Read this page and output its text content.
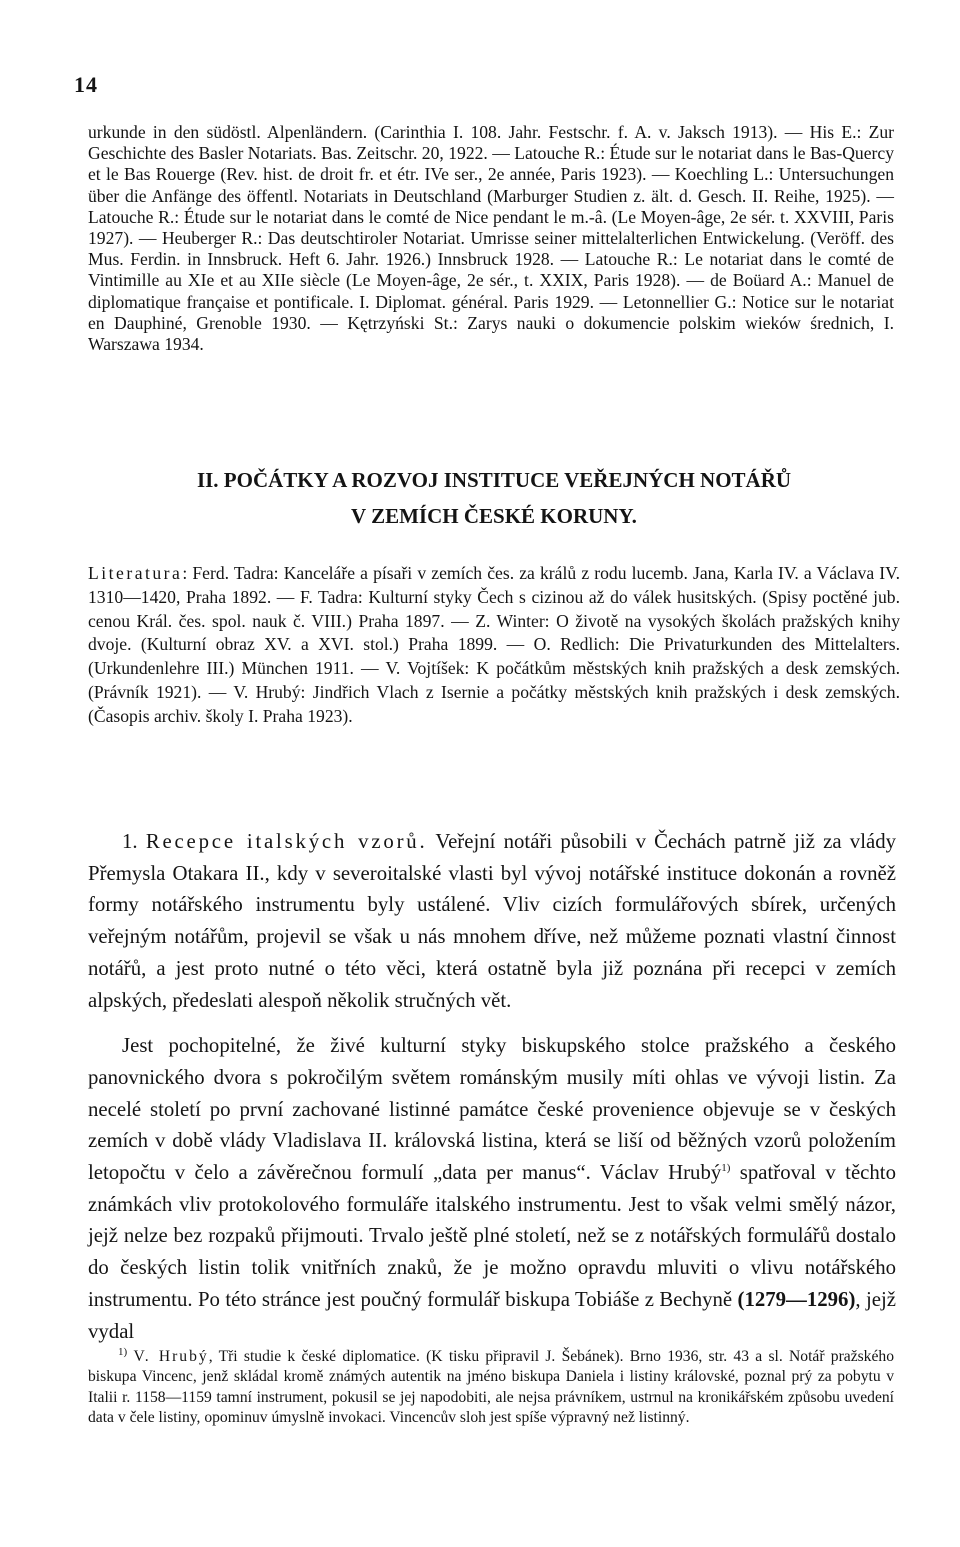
14
urkunde in den südöstl. Alpenländern. (Carinthia I. 108. Jahr. Festschr. f. A. v. Jaksch 1913). — His E.: Zur Geschichte des Basler Notariats. Bas. Zeitschr. 20, 1922. — Latouche R.: Étude sur le notariat dans le Bas-Quercy et le Bas Rouerge (Rev. hist. de droit fr. et étr. IVe ser., 2e année, Paris 1923). — Koechling L.: Untersuchungen über die Anfänge des öffentl. Notariats in Deutschland (Marburger Studien z. ält. d. Gesch. II. Reihe, 1925). — Latouche R.: Étude sur le notariat dans le comté de Nice pendant le m.-â. (Le Moyen-âge, 2e sér. t. XXVIII, Paris 1927). — Heuberger R.: Das deutschtiroler Notariat. Umrisse seiner mittelalterlichen Entwickelung. (Veröff. des Mus. Ferdin. in Innsbruck. Heft 6. Jahr. 1926.) Innsbruck 1928. — Latouche R.: Le notariat dans le comté de Vintimille au XIe et au XIIe siècle (Le Moyen-âge, 2e sér., t. XXIX, Paris 1928). — de Boüard A.: Manuel de diplomatique française et pontificale. I. Diplomat. général. Paris 1929. — Letonnellier G.: Notice sur le notariat en Dauphiné, Grenoble 1930. — Kętrzyński St.: Zarys nauki o dokumencie polskim wieków średnich, I. Warszawa 1934.
II. POČÁTKY A ROZVOJ INSTITUCE VEŘEJNÝCH NOTÁŘŮ
V ZEMÍCH ČESKÉ KORUNY.
Literatura: Ferd. Tadra: Kanceláře a písaři v zemích čes. za králů z rodu lucemb. Jana, Karla IV. a Václava IV. 1310—1420, Praha 1892. — F. Tadra: Kulturní styky Čech s cizinou až do válek husitských. (Spisy poctěné jub. cenou Král. čes. spol. nauk č. VIII.) Praha 1897. — Z. Winter: O životě na vysokých školách pražských knihy dvoje. (Kulturní obraz XV. a XVI. stol.) Praha 1899. — O. Redlich: Die Privaturkunden des Mittelalters. (Urkundenlehre III.) München 1911. — V. Vojtíšek: K počátkům městských knih pražských a desk zemských. (Právník 1921). — V. Hrubý: Jindřich Vlach z Isernie a počátky městských knih pražských i desk zemských. (Časopis archiv. školy I. Praha 1923).

1. Recepce italských vzorů. Veřejní notáři působili v Čechách patrně již za vlády Přemysla Otakara II., kdy v severoitalské vlasti byl vývoj notářské instituce dokonán a rovněž formy notářského instrumentu byly ustálené. Vliv cizích formulářových sbírek, určených veřejným notářům, projevil se však u nás mnohem dříve, než můžeme poznati vlastní činnost notářů, a jest proto nutné o této věci, která ostatně byla již poznána při recepci v zemích alpských, předeslati alespoň několik stručných vět.

Jest pochopitelné, že živé kulturní styky biskupského stolce pražského a českého panovnického dvora s pokročilým světem románským musily míti ohlas ve vývoji listin. Za necelé století po první zachované listinné památce české provenience objevuje se v českých zemích v době vlády Vladislava II. královská listina, která se liší od běžných vzorů položením letopočtu v čelo a závěrečnou formulí „data per manus“. Václav Hrubý$^{1)}$ spatřoval v těchto známkách vliv protokolového formuláře italského instrumentu. Jest to však velmi smělý názor, jejž nelze bez rozpaků přijmouti. Trvalo ještě plné století, než se z notářských formulářů dostalo do českých listin tolik vnitřních znaků, že je možno opravdu mluviti o vlivu notářského instrumentu. Po této stránce jest poučný formulář biskupa Tobiáše z Bechyně (1279—1296), jejž vydal

$^{1)}$ V. Hrubý, Tři studie k české diplomatice. (K tisku připravil J. Šebánek). Brno 1936, str. 43 a sl. Notář pražského biskupa Vincenc, jenž skládal kromě známých autentik na jméno biskupa Daniela i listiny královské, poznal prý za pobytu v Italii r. 1158—1159 tamní instrument, pokusil se jej napodobiti, ale nejsa právníkem, ustrnul na kronikářském způsobu uvedení data v čele listiny, opominuv úmyslně invokaci. Vincencův sloh jest spíše výpravný než listinný.
